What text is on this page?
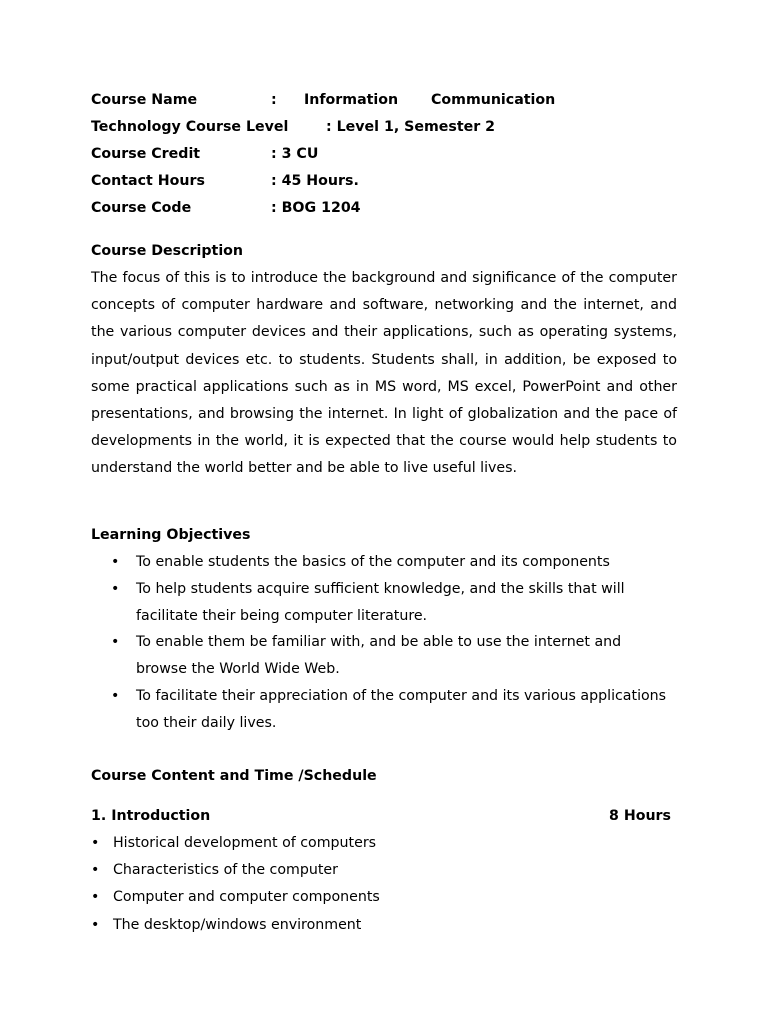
Course Name	: Information Communication
Technology Course Level	: Level 1, Semester 2
Course Credit	: 3 CU
Contact Hours	: 45 Hours.
Course Code	: BOG 1204
Course Description
The focus of this is to introduce the background and significance of the computer concepts of computer hardware and software, networking and the internet, and the various computer devices and their applications, such as operating systems, input/output devices etc. to students. Students shall, in addition, be exposed to some practical applications such as in MS word, MS excel, PowerPoint and other presentations, and browsing the internet. In light of globalization and the pace of developments in the world, it is expected that the course would help students to understand the world better and be able to live useful lives.
Learning Objectives
• To enable students the basics of the computer and its components
• To help students acquire sufficient knowledge, and the skills that will facilitate their being computer literature.
• To enable them be familiar with, and be able to use the internet and browse the World Wide Web.
• To facilitate their appreciation of the computer and its various applications too their daily lives.
Course Content and Time /Schedule
1. Introduction	8 Hours
• Historical development of computers
• Characteristics of the computer
• Computer and computer components
• The desktop/windows environment
